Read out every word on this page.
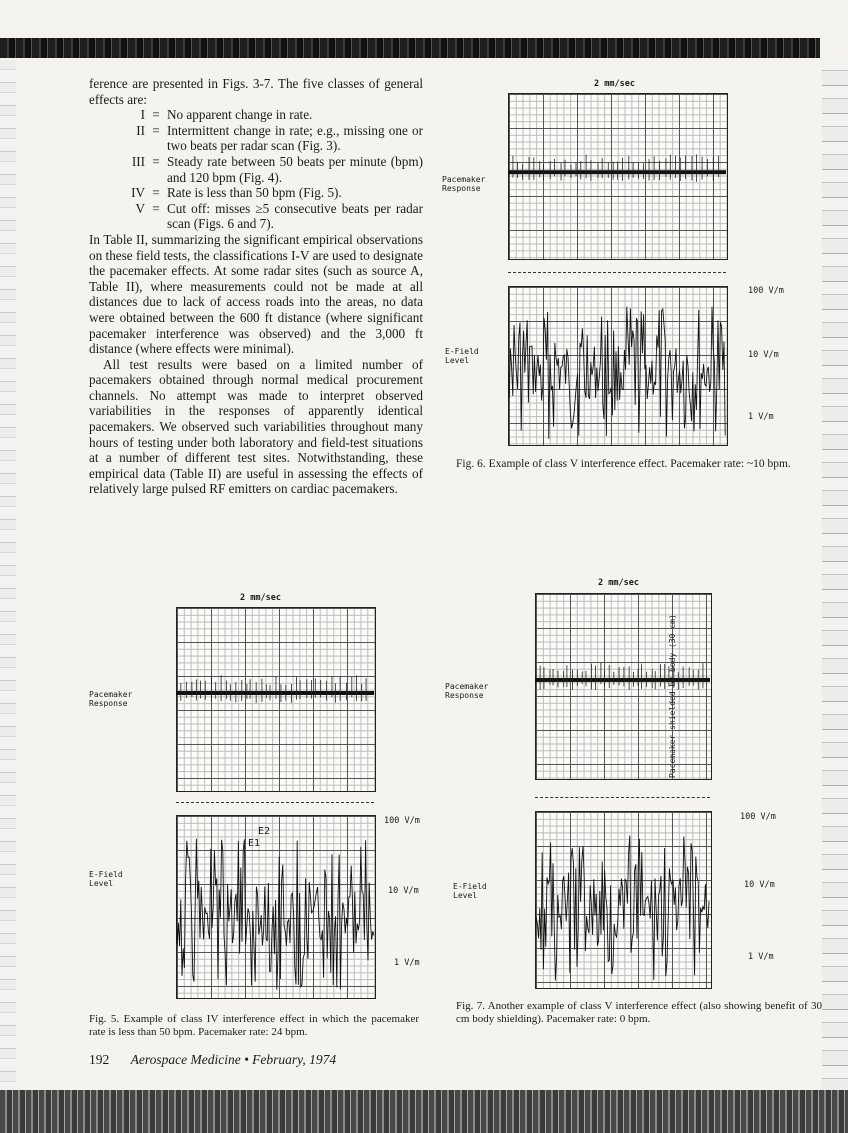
ference are presented in Figs. 3-7. The five classes of general effects are:

I = No apparent change in rate.
II = Intermittent change in rate; e.g., missing one or two beats per radar scan (Fig. 3).
III = Steady rate between 50 beats per minute (bpm) and 120 bpm (Fig. 4).
IV = Rate is less than 50 bpm (Fig. 5).
V = Cut off: misses ≥5 consecutive beats per radar scan (Figs. 6 and 7).

In Table II, summarizing the significant empirical observations on these field tests, the classifications I-V are used to designate the pacemaker effects. At some radar sites (such as source A, Table II), where measurements could not be made at all distances due to lack of access roads into the areas, no data were obtained between the 600 ft distance (where significant pacemaker interference was observed) and the 3,000 ft distance (where effects were minimal).

All test results were based on a limited number of pacemakers obtained through normal medical procurement channels. No attempt was made to interpret observed variabilities in the responses of apparently identical pacemakers. We observed such variabilities throughout many hours of testing under both laboratory and field-test situations at a number of different test sites. Notwithstanding, these empirical data (Table II) are useful in assessing the effects of relatively large pulsed RF emitters on cardiac pacemakers.

2 mm/sec
Pacemaker
Response
E-Field
Level
100 V/m
10 V/m
1 V/m
Fig. 6. Example of class V interference effect. Pacemaker rate: ~10 bpm.
2 mm/sec
Pacemaker
Response
E2
E1
E-Field
Level
100 V/m
10 V/m
1 V/m
Fig. 5. Example of class IV interference effect in which the pacemaker rate is less than 50 bpm. Pacemaker rate: 24 bpm.
2 mm/sec
Pacemaker shielded by body (30 cm)
Pacemaker
Response
E-Field
Level
100 V/m
10 V/m
1 V/m
Fig. 7. Another example of class V interference effect (also showing benefit of 30 cm body shielding). Pacemaker rate: 0 bpm.
192 Aerospace Medicine • February, 1974
